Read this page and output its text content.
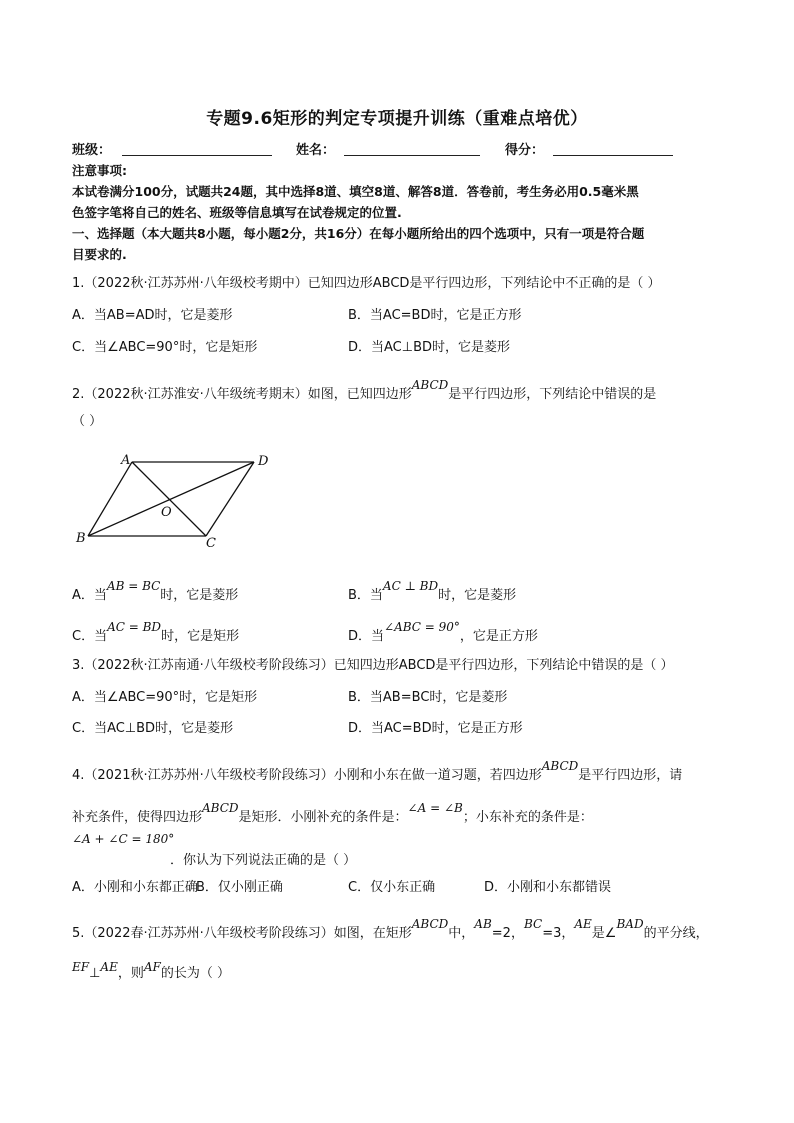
专题9.6矩形的判定专项提升训练（重难点培优）
班级：	姓名：	得分：
注意事项:
本试卷满分100分，试题共24题，其中选择8道、填空8道、解答8道．答卷前，考生务必用0.5毫米黑
色签字笔将自己的姓名、班级等信息填写在试卷规定的位置.
一、选择题（本大题共8小题，每小题2分，共16分）在每小题所给出的四个选项中，只有一项是符合题
目要求的.
1.（2022秋·江苏苏州·八年级校考期中）已知四边形ABCD是平行四边形，下列结论中不正确的是（ ）
A．当AB=AD时，它是菱形	B．当AC=BD时，它是正方形
C．当∠ABC=90°时，它是矩形	D．当AC⊥BD时，它是菱形
2.（2022秋·江苏淮安·八年级统考期末）如图，已知四边形ABCD是平行四边形，下列结论中错误的是
（ ）
A	D
B	C
O
A．当AB = BC时，它是菱形	B．当AC ⊥ BD时，它是菱形
C．当AC = BD时，它是矩形	D．当∠ABC = 90°，它是正方形
3.（2022秋·江苏南通·八年级校考阶段练习）已知四边形ABCD是平行四边形，下列结论中错误的是（ ）
A．当∠ABC=90°时，它是矩形	B．当AB=BC时，它是菱形
C．当AC⊥BD时，它是菱形	D．当AC=BD时，它是正方形
4.（2021秋·江苏苏州·八年级校考阶段练习）小刚和小东在做一道习题，若四边形ABCD是平行四边形，请
补充条件，使得四边形ABCD是矩形．小刚补充的条件是：∠A = ∠B；小东补充的条件是：
∠A + ∠C = 180°
．你认为下列说法正确的是（ ）
A．小刚和小东都正确
B．仅小刚正确	C．仅小东正确	D．小刚和小东都错误
5.（2022春·江苏苏州·八年级校考阶段练习）如图，在矩形ABCD中，AB=2，BC=3，AE是∠BAD的平分线，
EF⊥AE，则AF的长为（ ）
